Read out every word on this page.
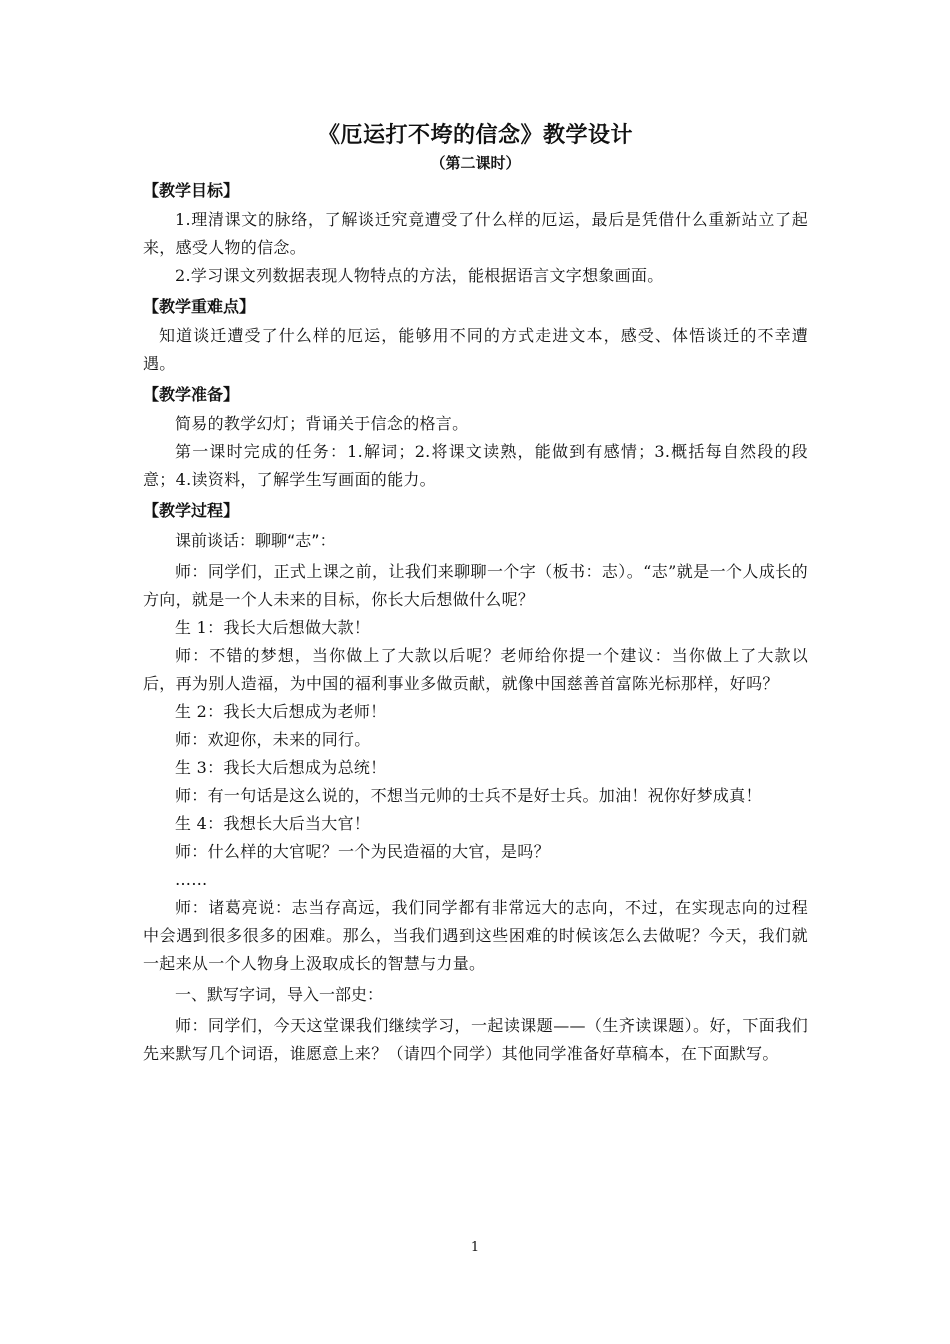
《厄运打不垮的信念》教学设计
（第二课时）
【教学目标】

1.理清课文的脉络，了解谈迁究竟遭受了什么样的厄运，最后是凭借什么重新站立了起来，感受人物的信念。

2.学习课文列数据表现人物特点的方法，能根据语言文字想象画面。

【教学重难点】

知道谈迁遭受了什么样的厄运，能够用不同的方式走进文本，感受、体悟谈迁的不幸遭遇。

【教学准备】

简易的教学幻灯；背诵关于信念的格言。

第一课时完成的任务：1.解词；2.将课文读熟，能做到有感情；3.概括每自然段的段意；4.读资料，了解学生写画面的能力。

【教学过程】
课前谈话：聊聊“志”：

师：同学们，正式上课之前，让我们来聊聊一个字（板书：志）。“志”就是一个人成长的方向，就是一个人未来的目标，你长大后想做什么呢？

生 1：我长大后想做大款！

师：不错的梦想，当你做上了大款以后呢？老师给你提一个建议：当你做上了大款以后，再为别人造福，为中国的福利事业多做贡献，就像中国慈善首富陈光标那样，好吗？

生 2：我长大后想成为老师！

师：欢迎你，未来的同行。

生 3：我长大后想成为总统！

师：有一句话是这么说的，不想当元帅的士兵不是好士兵。加油！祝你好梦成真！

生 4：我想长大后当大官！

师：什么样的大官呢？一个为民造福的大官，是吗？

……

师：诸葛亮说：志当存高远，我们同学都有非常远大的志向，不过，在实现志向的过程中会遇到很多很多的困难。那么，当我们遇到这些困难的时候该怎么去做呢？今天，我们就一起来从一个人物身上汲取成长的智慧与力量。

一、默写字词，导入一部史：

师：同学们，今天这堂课我们继续学习，一起读课题——（生齐读课题）。好，下面我们先来默写几个词语，谁愿意上来？（请四个同学）其他同学准备好草稿本，在下面默写。

1
